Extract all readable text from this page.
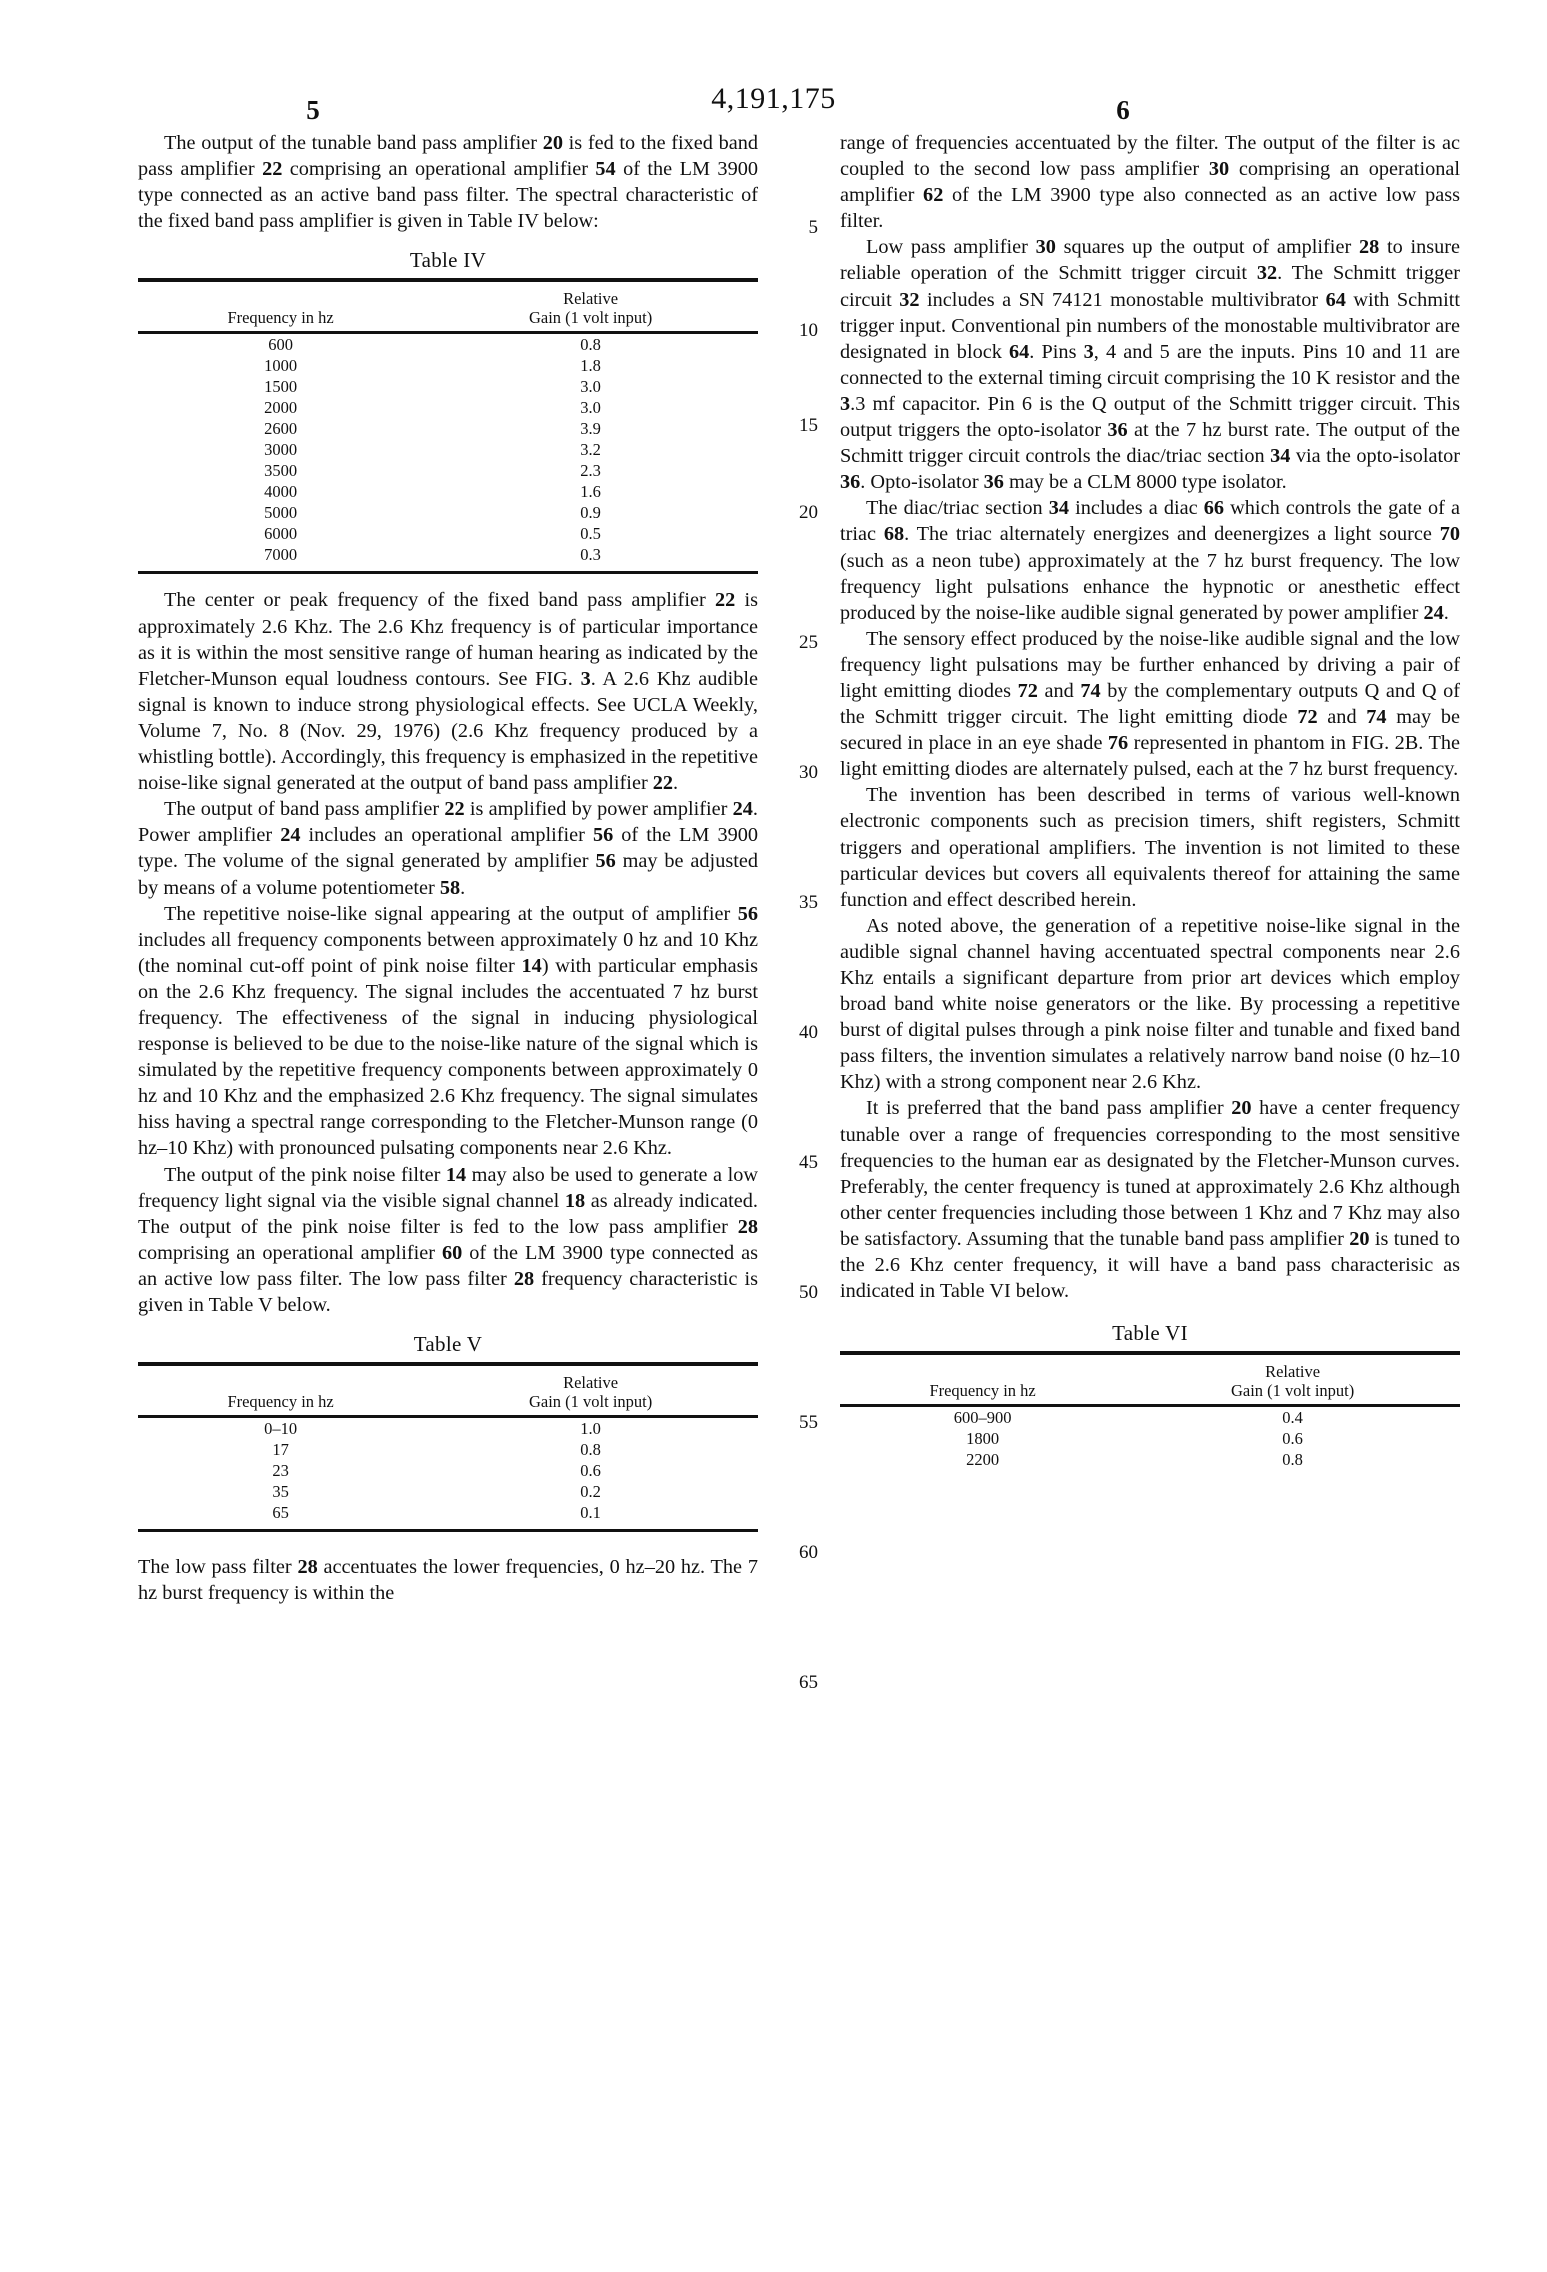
4,191,175
5	6

The output of the tunable band pass amplifier 20 is fed to the fixed band pass amplifier 22 comprising an operational amplifier 54 of the LM 3900 type connected as an active band pass filter. The spectral characteristic of the fixed band pass amplifier is given in Table IV below:

Table IV
Frequency in hz	Relative
Gain (1 volt input)

600	0.8
1000	1.8
1500	3.0
2000	3.0
2600	3.9
3000	3.2
3500	2.3
4000	1.6
5000	0.9
6000	0.5
7000	0.3

The center or peak frequency of the fixed band pass amplifier 22 is approximately 2.6 Khz. The 2.6 Khz frequency is of particular importance as it is within the most sensitive range of human hearing as indicated by the Fletcher-Munson equal loudness contours. See FIG. 3. A 2.6 Khz audible signal is known to induce strong physiological effects. See UCLA Weekly, Volume 7, No. 8 (Nov. 29, 1976) (2.6 Khz frequency produced by a whistling bottle). Accordingly, this frequency is emphasized in the repetitive noise-like signal generated at the output of band pass amplifier 22.

The output of band pass amplifier 22 is amplified by power amplifier 24. Power amplifier 24 includes an operational amplifier 56 of the LM 3900 type. The volume of the signal generated by amplifier 56 may be adjusted by means of a volume potentiometer 58.

The repetitive noise-like signal appearing at the output of amplifier 56 includes all frequency components between approximately 0 hz and 10 Khz (the nominal cut-off point of pink noise filter 14) with particular emphasis on the 2.6 Khz frequency. The signal includes the accentuated 7 hz burst frequency. The effectiveness of the signal in inducing physiological response is believed to be due to the noise-like nature of the signal which is simulated by the repetitive frequency components between approximately 0 hz and 10 Khz and the emphasized 2.6 Khz frequency. The signal simulates hiss having a spectral range corresponding to the Fletcher-Munson range (0 hz–10 Khz) with pronounced pulsating components near 2.6 Khz.

The output of the pink noise filter 14 may also be used to generate a low frequency light signal via the visible signal channel 18 as already indicated. The output of the pink noise filter is fed to the low pass amplifier 28 comprising an operational amplifier 60 of the LM 3900 type connected as an active low pass filter. The low pass filter 28 frequency characteristic is given in Table V below.

Table V
Frequency in hz	Relative
Gain (1 volt input)

0–10	1.0
17	0.8
23	0.6
35	0.2
65	0.1

The low pass filter 28 accentuates the lower frequencies, 0 hz–20 hz. The 7 hz burst frequency is within the

5
10
15
20
25
30
35
40
45
50
55
60
65

range of frequencies accentuated by the filter. The output of the filter is ac coupled to the second low pass amplifier 30 comprising an operational amplifier 62 of the LM 3900 type also connected as an active low pass filter.

Low pass amplifier 30 squares up the output of amplifier 28 to insure reliable operation of the Schmitt trigger circuit 32. The Schmitt trigger circuit 32 includes a SN 74121 monostable multivibrator 64 with Schmitt trigger input. Conventional pin numbers of the monostable multivibrator are designated in block 64. Pins 3, 4 and 5 are the inputs. Pins 10 and 11 are connected to the external timing circuit comprising the 10 K resistor and the 3.3 mf capacitor. Pin 6 is the Q output of the Schmitt trigger circuit. This output triggers the opto-isolator 36 at the 7 hz burst rate. The output of the Schmitt trigger circuit controls the diac/triac section 34 via the opto-isolator 36. Opto-isolator 36 may be a CLM 8000 type isolator.

The diac/triac section 34 includes a diac 66 which controls the gate of a triac 68. The triac alternately energizes and deenergizes a light source 70 (such as a neon tube) approximately at the 7 hz burst frequency. The low frequency light pulsations enhance the hypnotic or anesthetic effect produced by the noise-like audible signal generated by power amplifier 24.

The sensory effect produced by the noise-like audible signal and the low frequency light pulsations may be further enhanced by driving a pair of light emitting diodes 72 and 74 by the complementary outputs Q and Q of the Schmitt trigger circuit. The light emitting diode 72 and 74 may be secured in place in an eye shade 76 represented in phantom in FIG. 2B. The light emitting diodes are alternately pulsed, each at the 7 hz burst frequency.

The invention has been described in terms of various well-known electronic components such as precision timers, shift registers, Schmitt triggers and operational amplifiers. The invention is not limited to these particular devices but covers all equivalents thereof for attaining the same function and effect described herein.

As noted above, the generation of a repetitive noise-like signal in the audible signal channel having accentuated spectral components near 2.6 Khz entails a significant departure from prior art devices which employ broad band white noise generators or the like. By processing a repetitive burst of digital pulses through a pink noise filter and tunable and fixed band pass filters, the invention simulates a relatively narrow band noise (0 hz–10 Khz) with a strong component near 2.6 Khz.

It is preferred that the band pass amplifier 20 have a center frequency tunable over a range of frequencies corresponding to the most sensitive frequencies to the human ear as designated by the Fletcher-Munson curves. Preferably, the center frequency is tuned at approximately 2.6 Khz although other center frequencies including those between 1 Khz and 7 Khz may also be satisfactory. Assuming that the tunable band pass amplifier 20 is tuned to the 2.6 Khz center frequency, it will have a band pass characterisic as indicated in Table VI below.

Table VI
Frequency in hz	Relative
Gain (1 volt input)

600–900	0.4
1800	0.6
2200	0.8
